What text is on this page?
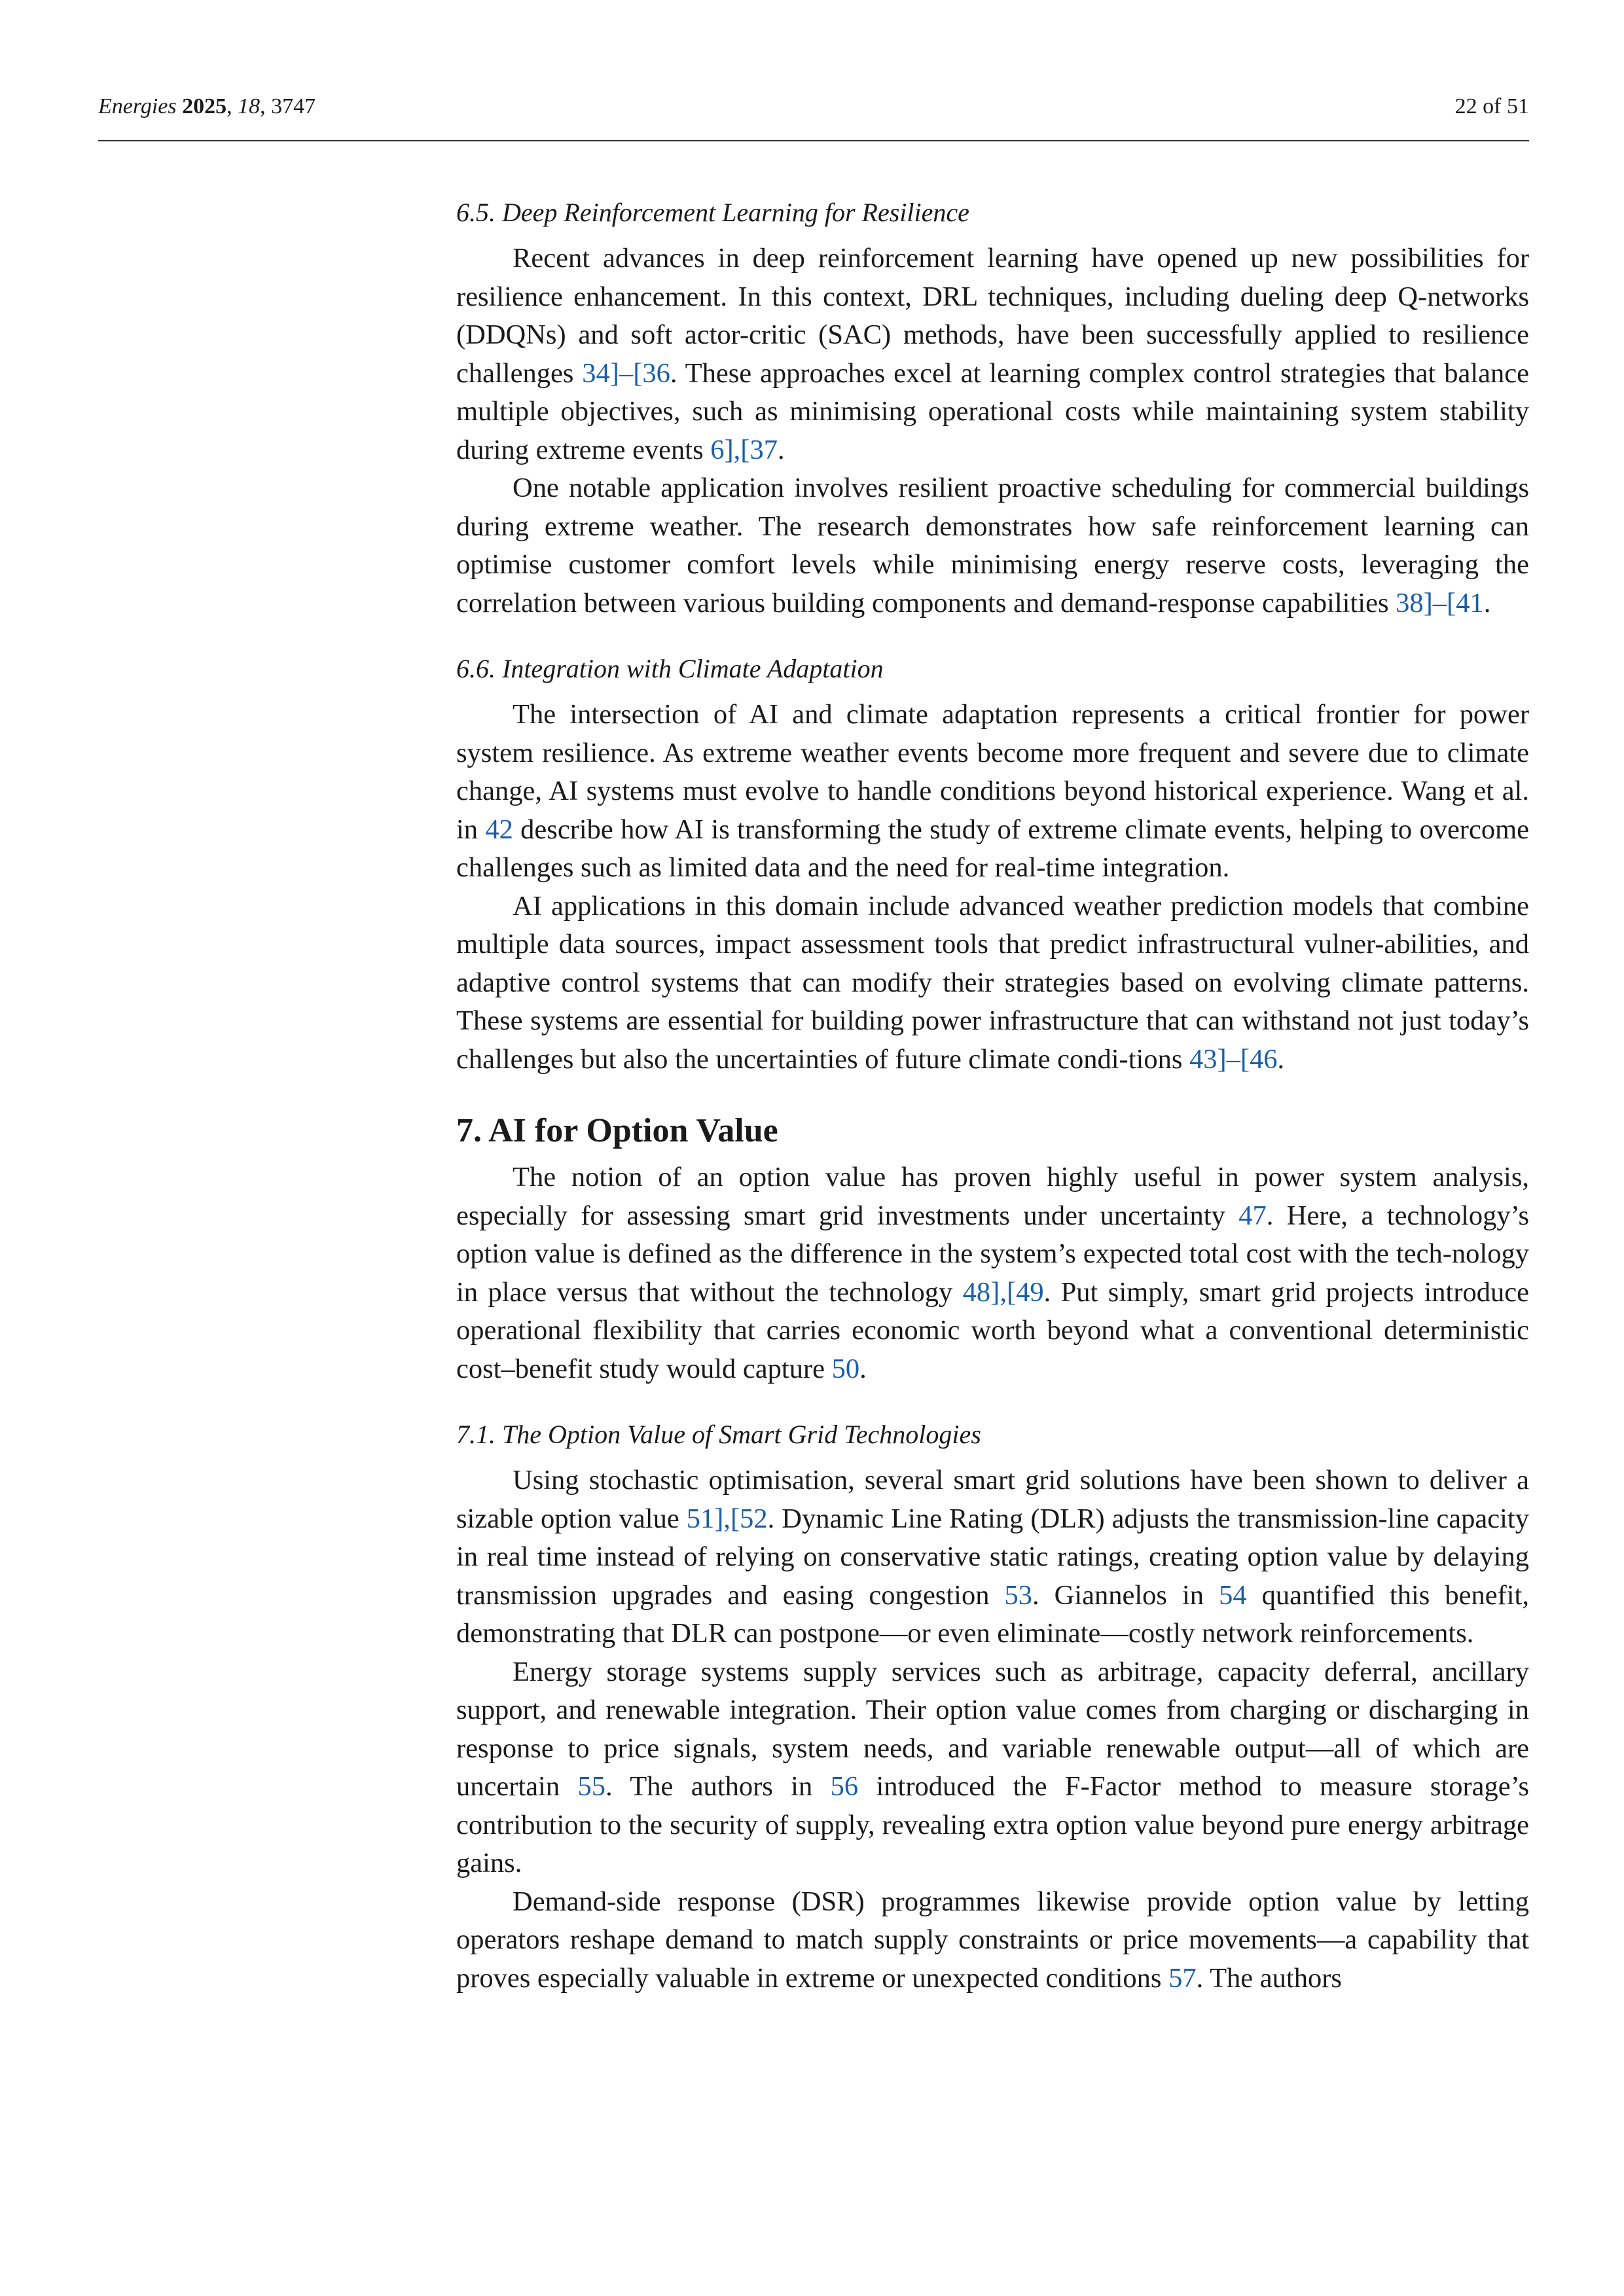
Energies 2025, 18, 3747	22 of 51
6.5. Deep Reinforcement Learning for Resilience

Recent advances in deep reinforcement learning have opened up new possibilities for resilience enhancement. In this context, DRL techniques, including dueling deep Q-networks (DDQNs) and soft actor-critic (SAC) methods, have been successfully applied to resilience challenges 34]–[36. These approaches excel at learning complex control strategies that balance multiple objectives, such as minimising operational costs while maintaining system stability during extreme events 6],[37.

One notable application involves resilient proactive scheduling for commercial buildings during extreme weather. The research demonstrates how safe reinforcement learning can optimise customer comfort levels while minimising energy reserve costs, leveraging the correlation between various building components and demand-response capabilities 38]–[41.

6.6. Integration with Climate Adaptation

The intersection of AI and climate adaptation represents a critical frontier for power system resilience. As extreme weather events become more frequent and severe due to climate change, AI systems must evolve to handle conditions beyond historical experience. Wang et al. in 42 describe how AI is transforming the study of extreme climate events, helping to overcome challenges such as limited data and the need for real-time integration.

AI applications in this domain include advanced weather prediction models that combine multiple data sources, impact assessment tools that predict infrastructural vulner-abilities, and adaptive control systems that can modify their strategies based on evolving climate patterns. These systems are essential for building power infrastructure that can withstand not just today’s challenges but also the uncertainties of future climate condi-tions 43]–[46.

7. AI for Option Value

The notion of an option value has proven highly useful in power system analysis, especially for assessing smart grid investments under uncertainty 47. Here, a technology’s option value is defined as the difference in the system’s expected total cost with the tech-nology in place versus that without the technology 48],[49. Put simply, smart grid projects introduce operational flexibility that carries economic worth beyond what a conventional deterministic cost–benefit study would capture 50.

7.1. The Option Value of Smart Grid Technologies

Using stochastic optimisation, several smart grid solutions have been shown to deliver a sizable option value 51],[52. Dynamic Line Rating (DLR) adjusts the transmission-line capacity in real time instead of relying on conservative static ratings, creating option value by delaying transmission upgrades and easing congestion 53. Giannelos in 54 quantified this benefit, demonstrating that DLR can postpone—or even eliminate—costly network reinforcements.

Energy storage systems supply services such as arbitrage, capacity deferral, ancillary support, and renewable integration. Their option value comes from charging or discharging in response to price signals, system needs, and variable renewable output—all of which are uncertain 55. The authors in 56 introduced the F-Factor method to measure storage’s contribution to the security of supply, revealing extra option value beyond pure energy arbitrage gains.

Demand-side response (DSR) programmes likewise provide option value by letting operators reshape demand to match supply constraints or price movements—a capability that proves especially valuable in extreme or unexpected conditions 57. The authors
